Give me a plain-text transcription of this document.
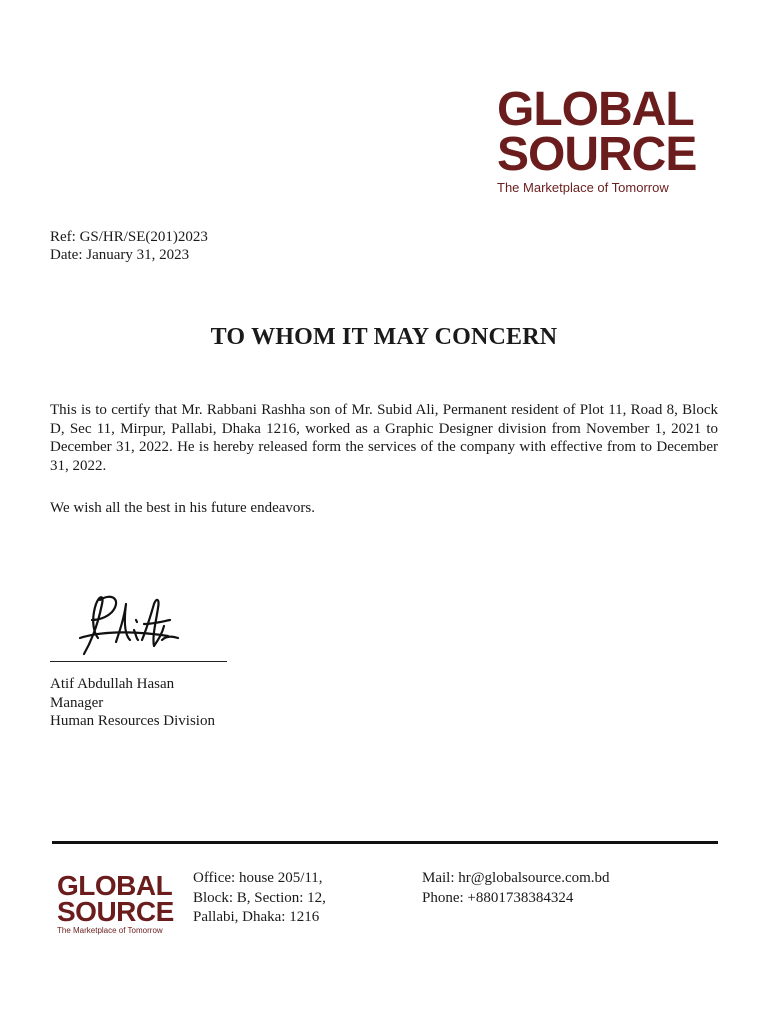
GLOBAL
SOURCE
The Marketplace of Tomorrow
Ref: GS/HR/SE(201)2023
Date: January 31, 2023
TO WHOM IT MAY CONCERN
This is to certify that Mr. Rabbani Rashha son of Mr. Subid Ali, Permanent resident of Plot 11, Road 8, Block D, Sec 11, Mirpur, Pallabi, Dhaka 1216, worked as a Graphic Designer division from November 1, 2021 to December 31, 2022. He is hereby released form the services of the company with effective from to December 31, 2022.
We wish all the best in his future endeavors.
Atif Abdullah Hasan
Manager
Human Resources Division
GLOBAL
SOURCE
The Marketplace of Tomorrow
Office: house 205/11,
Block: B, Section: 12,
Pallabi, Dhaka: 1216
Mail: hr@globalsource.com.bd
Phone: +8801738384324
